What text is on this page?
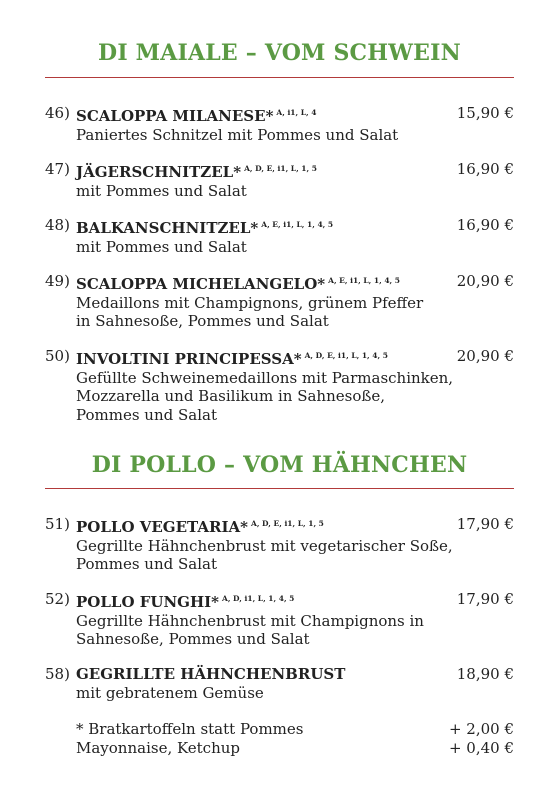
DI MAIALE – VOM SCHWEIN
46) SCALOPPA MILANESE* $^{A, i1, L, 4}$
Paniertes Schnitzel mit Pommes und Salat
15,90 €
47) JÄGERSCHNITZEL* $^{A, D, E, i1, L, 1, 5}$
mit Pommes und Salat
16,90 €
48) BALKANSCHNITZEL* $^{A, E, i1, L, 1, 4, 5}$
mit Pommes und Salat
16,90 €
49) SCALOPPA MICHELANGELO* $^{A, E, i1, L, 1, 4, 5}$
Medaillons mit Champignons, grünem Pfeffer
in Sahnesoße, Pommes und Salat
20,90 €
50) INVOLTINI PRINCIPESSA* $^{A, D, E, i1, L, 1, 4, 5}$
Gefüllte Schweinemedaillons mit Parmaschinken,
Mozzarella und Basilikum in Sahnesoße,
Pommes und Salat
20,90 €
DI POLLO – VOM HÄHNCHEN
51) POLLO VEGETARIA* $^{A, D, E, i1, L, 1, 5}$
Gegrillte Hähnchenbrust mit vegetarischer Soße,
Pommes und Salat
17,90 €
52) POLLO FUNGHI* $^{A, D, i1, L, 1, 4, 5}$
Gegrillte Hähnchenbrust mit Champignons in
Sahnesoße, Pommes und Salat
17,90 €
58) GEGRILLTE HÄHNCHENBRUST
mit gebratenem Gemüse
18,90 €
* Bratkartoffeln statt Pommes	+ 2,00 €
Mayonnaise, Ketchup	+ 0,40 €
